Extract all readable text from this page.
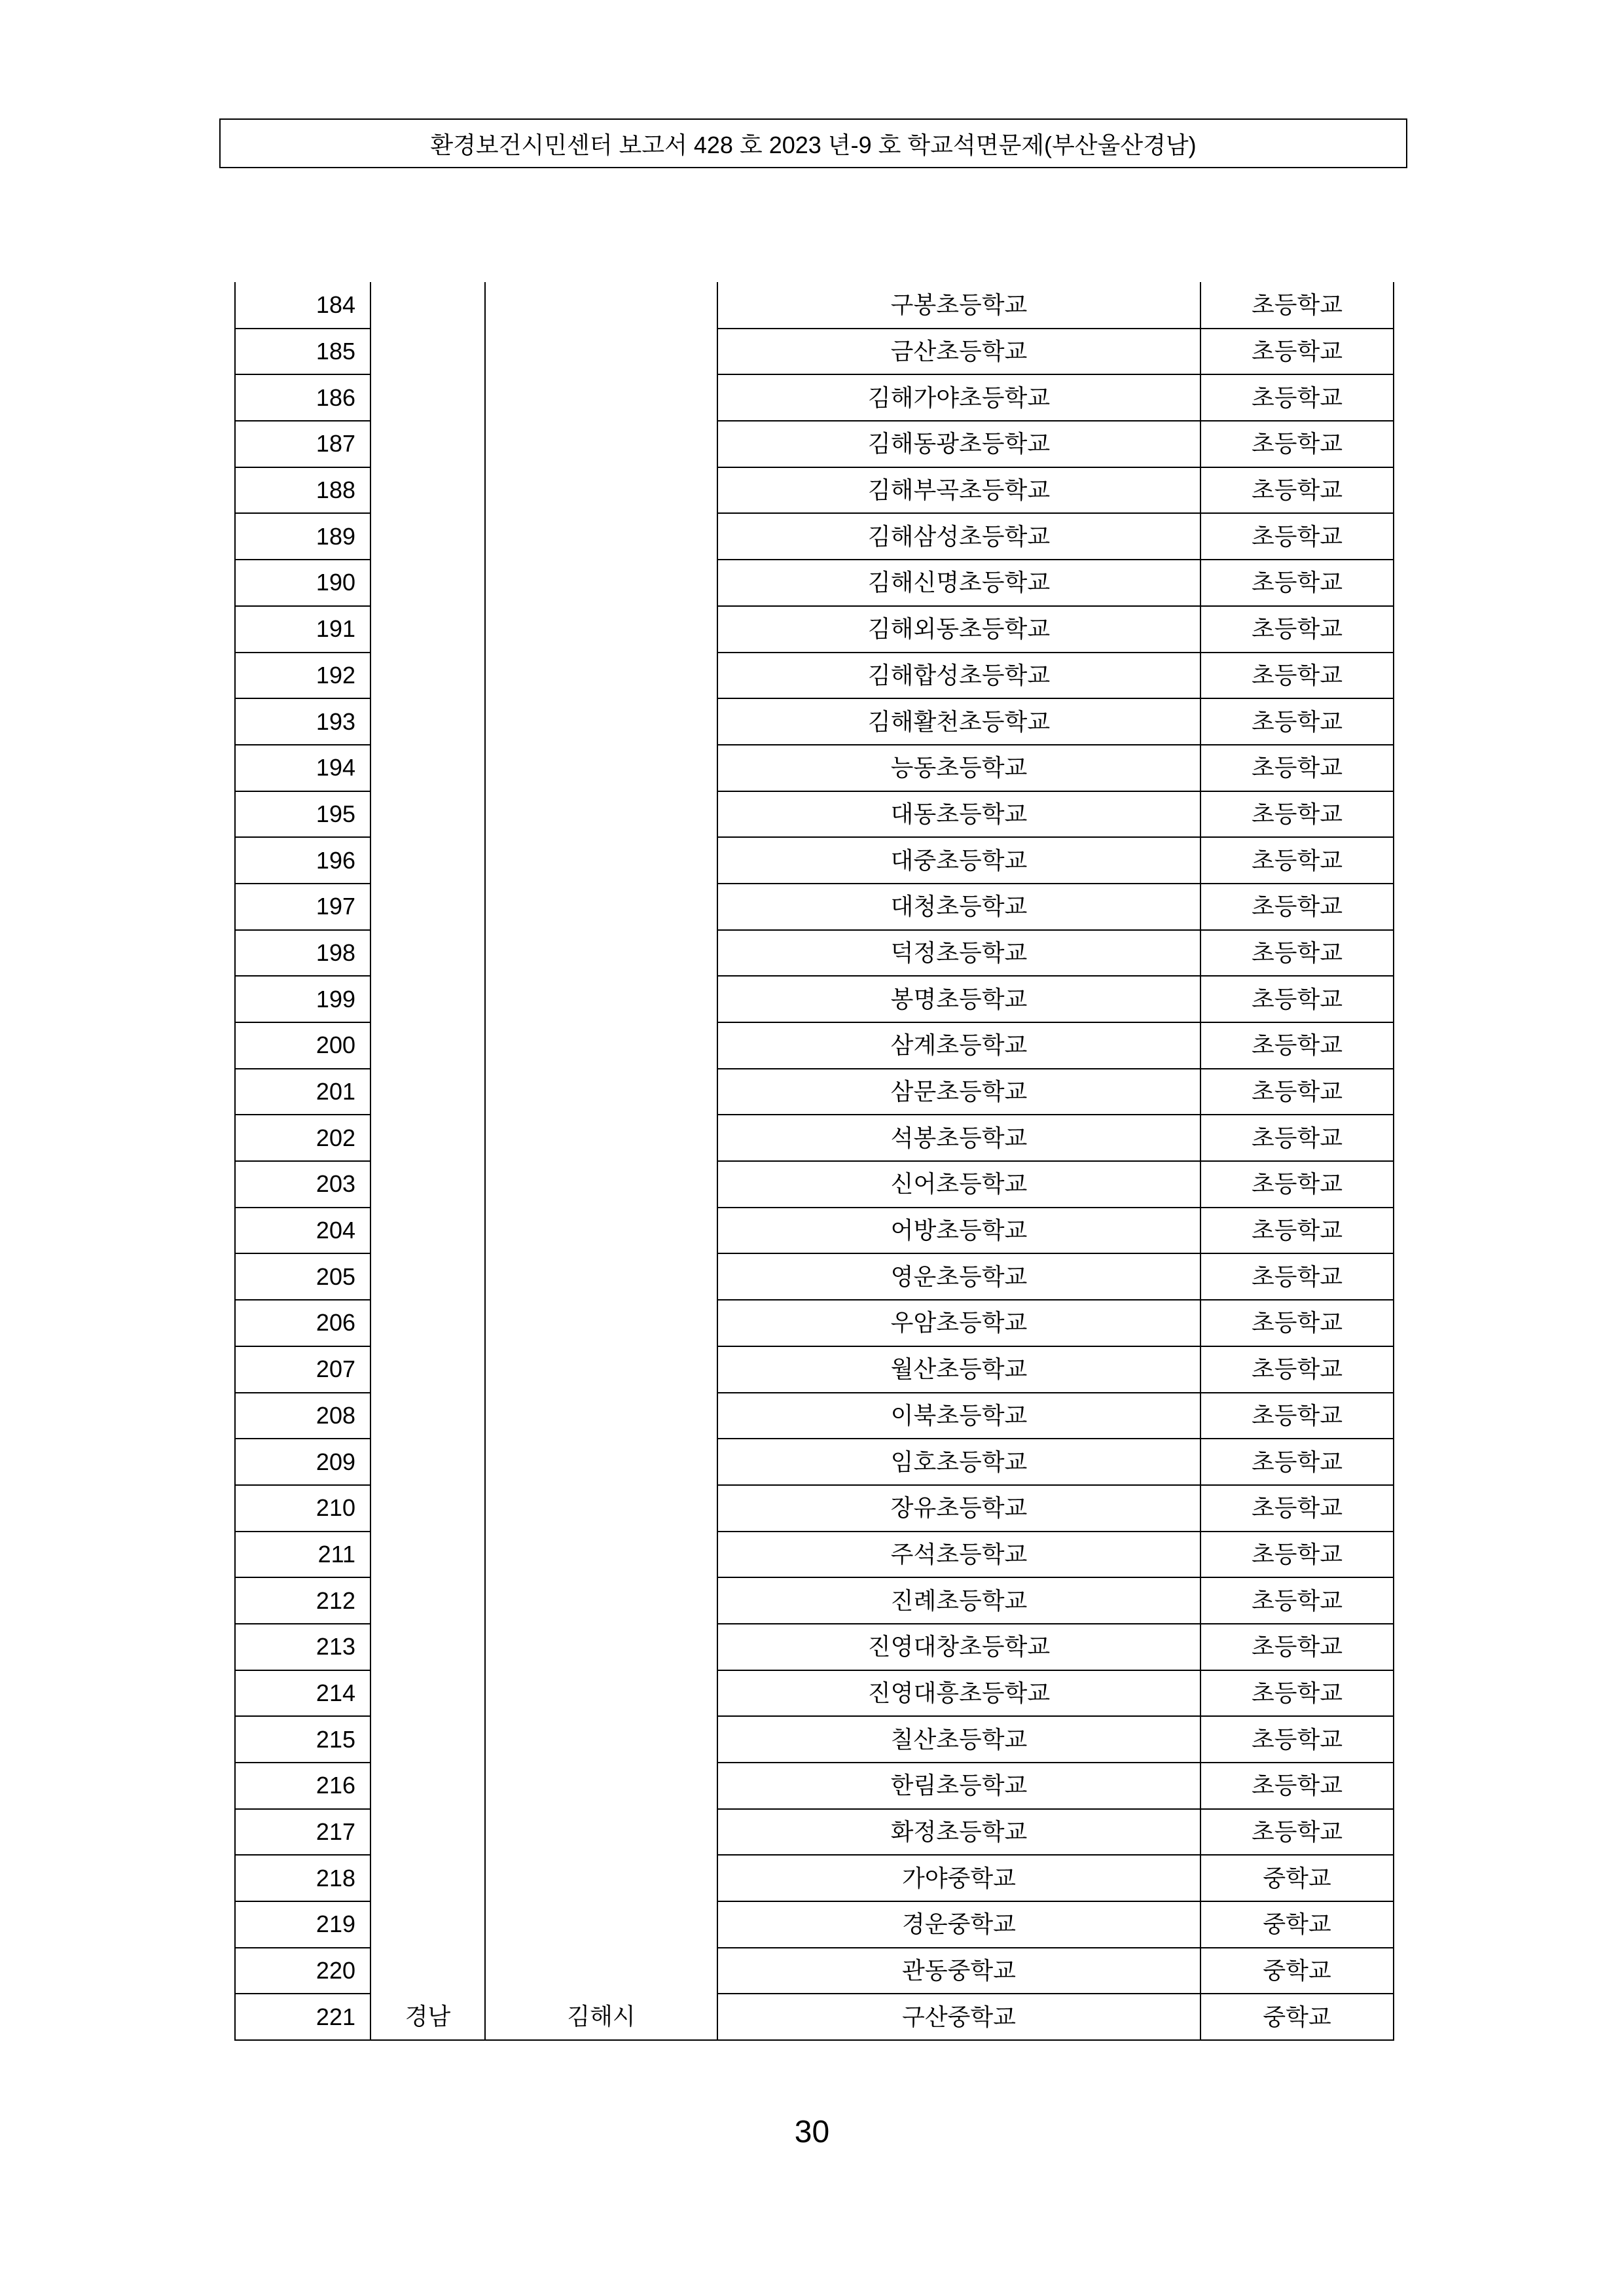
환경보건시민센터 보고서 428 호 2023 년-9 호 학교석면문제(부산울산경남)
184	경남	김해시	구봉초등학교	초등학교
185			금산초등학교	초등학교
186			김해가야초등학교	초등학교
187			김해동광초등학교	초등학교
188			김해부곡초등학교	초등학교
189			김해삼성초등학교	초등학교
190			김해신명초등학교	초등학교
191			김해외동초등학교	초등학교
192			김해합성초등학교	초등학교
193			김해활천초등학교	초등학교
194			능동초등학교	초등학교
195			대동초등학교	초등학교
196			대중초등학교	초등학교
197			대청초등학교	초등학교
198			덕정초등학교	초등학교
199			봉명초등학교	초등학교
200			삼계초등학교	초등학교
201			삼문초등학교	초등학교
202			석봉초등학교	초등학교
203			신어초등학교	초등학교
204			어방초등학교	초등학교
205			영운초등학교	초등학교
206			우암초등학교	초등학교
207			월산초등학교	초등학교
208			이북초등학교	초등학교
209			임호초등학교	초등학교
210			장유초등학교	초등학교
211			주석초등학교	초등학교
212			진례초등학교	초등학교
213			진영대창초등학교	초등학교
214			진영대흥초등학교	초등학교
215			칠산초등학교	초등학교
216			한림초등학교	초등학교
217			화정초등학교	초등학교
218			가야중학교	중학교
219			경운중학교	중학교
220			관동중학교	중학교
221			구산중학교	중학교
30
